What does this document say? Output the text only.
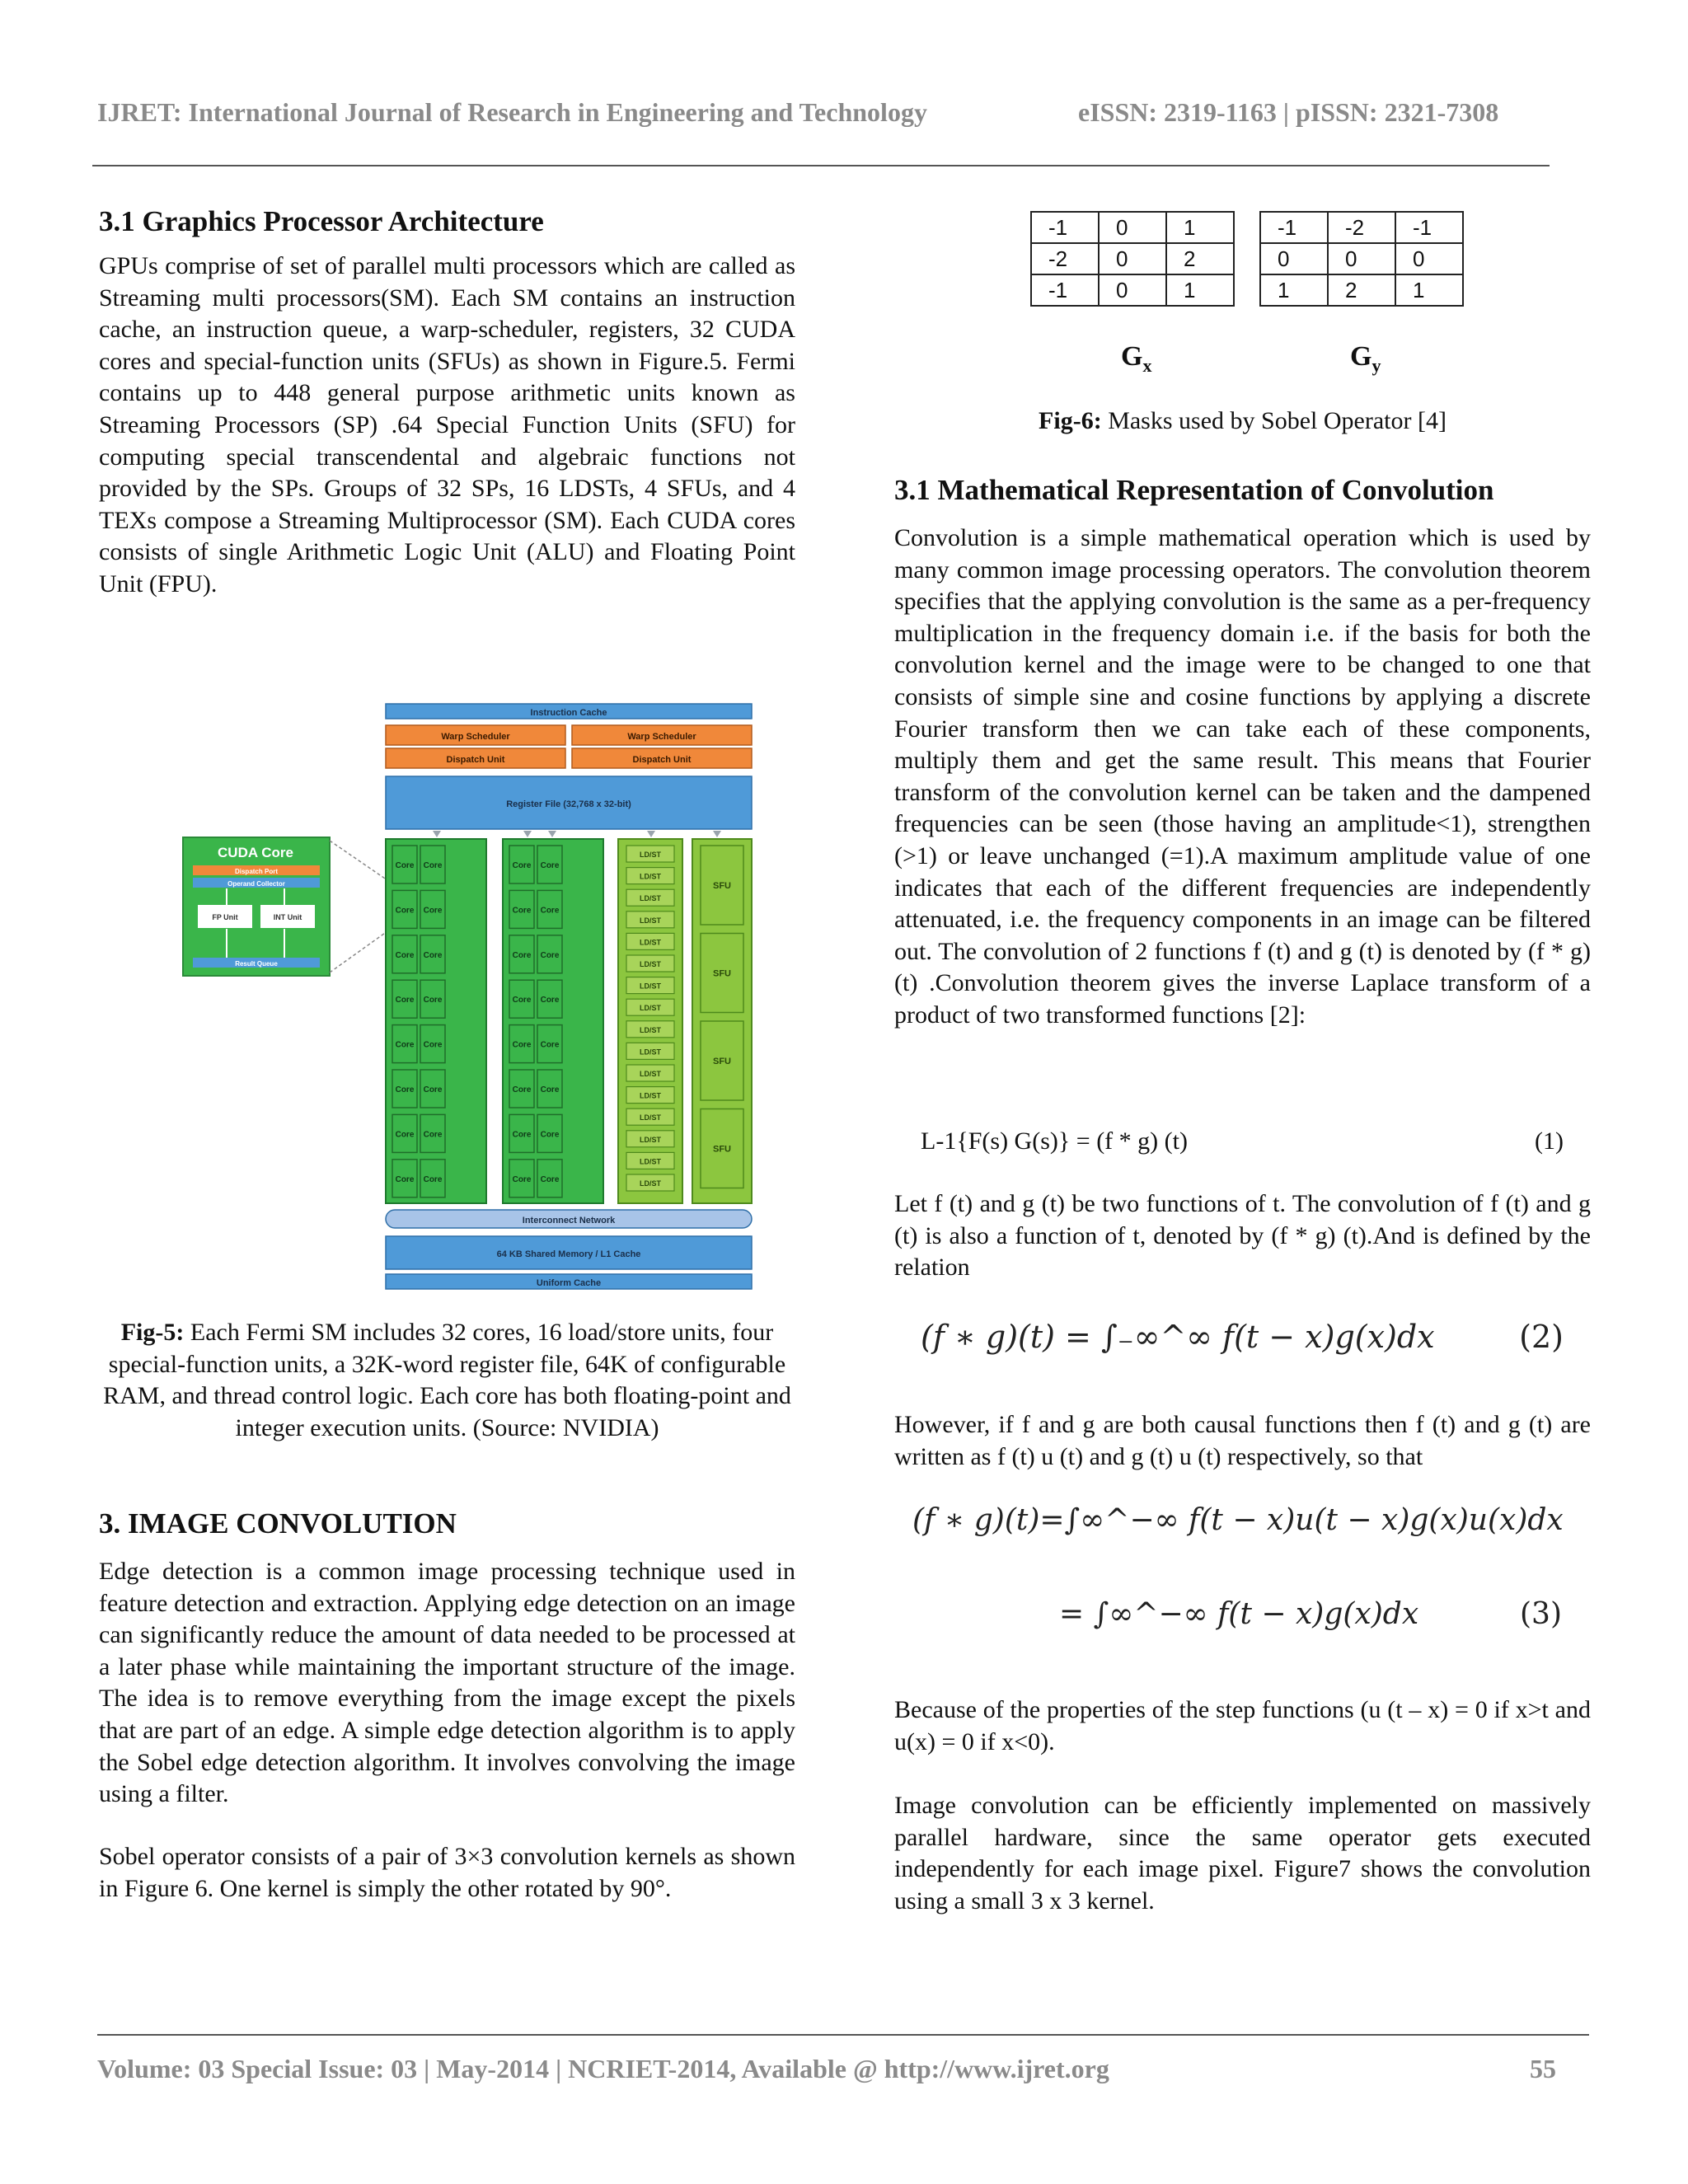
IJRET: International Journal of Research in Engineering and Technology	eISSN: 2319-1163 | pISSN: 2321-7308
3.1 Graphics Processor Architecture

GPUs comprise of set of parallel multi processors which are called as Streaming multi processors(SM). Each SM contains an instruction cache, an instruction queue, a warp-scheduler, registers, 32 CUDA cores and special-function units (SFUs) as shown in Figure.5. Fermi contains up to 448 general purpose arithmetic units known as Streaming Processors (SP) .64 Special Function Units (SFU) for computing special transcendental and algebraic functions not provided by the SPs. Groups of 32 SPs, 16 LDSTs, 4 SFUs, and 4 TEXs compose a Streaming Multiprocessor (SM). Each CUDA cores consists of single Arithmetic Logic Unit (ALU) and Floating Point Unit (FPU).

CUDA Core
Dispatch Port
Operand Collector
FP Unit	INT Unit
Result Queue
Instruction Cache
Warp Scheduler	Warp Scheduler
Dispatch Unit	Dispatch Unit
Register File (32,768 x 32-bit)
Core Core	Core Core
Core Core	Core Core
Core Core	Core Core
Core Core	Core Core
Core Core	Core Core
Core Core	Core Core
Core Core	Core Core
Core Core	Core Core
LD/ST
LD/ST
LD/ST
LD/ST
LD/ST
LD/ST
LD/ST
LD/ST
LD/ST
LD/ST
LD/ST
LD/ST
LD/ST
LD/ST
LD/ST
LD/ST
SFU
SFU
SFU
SFU
Interconnect Network
64 KB Shared Memory / L1 Cache
Uniform Cache
Fig-5: Each Fermi SM includes 32 cores, 16 load/store units, four special-function units, a 32K-word register file, 64K of configurable RAM, and thread control logic. Each core has both floating-point and integer execution units. (Source: NVIDIA)
3. IMAGE CONVOLUTION

Edge detection is a common image processing technique used in feature detection and extraction. Applying edge detection on an image can significantly reduce the amount of data needed to be processed at a later phase while maintaining the important structure of the image. The idea is to remove everything from the image except the pixels that are part of an edge. A simple edge detection algorithm is to apply the Sobel edge detection algorithm. It involves convolving the image using a filter.

Sobel operator consists of a pair of 3×3 convolution kernels as shown in Figure 6. One kernel is simply the other rotated by 90°.

-1	0	1
-2	0	2
-1	0	1
-1	-2	-1
0	0	0
1	2	1
$G_x$	$G_y$
Fig-6: Masks used by Sobel Operator [4]
3.1 Mathematical Representation of Convolution

Convolution is a simple mathematical operation which is used by many common image processing operators. The convolution theorem specifies that the applying convolution is the same as a per-frequency multiplication in the frequency domain i.e. if the basis for both the convolution kernel and the image were to be changed to one that consists of simple sine and cosine functions by applying a discrete Fourier transform then we can take each of these components, multiply them and get the same result. This means that Fourier transform of the convolution kernel can be taken and the dampened frequencies can be seen (those having an amplitude<1), strengthen (>1) or leave unchanged (=1).A maximum amplitude value of one indicates that each of the different frequencies are independently attenuated, i.e. the frequency components in an image can be filtered out. The convolution of 2 functions f (t) and g (t) is denoted by (f * g) (t) .Convolution theorem gives the inverse Laplace transform of a product of two transformed functions [2]:

L-1{F(s) G(s)} = (f * g) (t)	(1)

Let f (t) and g (t) be two functions of t. The convolution of f (t) and g (t) is also a function of t, denoted by (f * g) (t).And is defined by the relation

(f ∗ g)(t) = ∫₋∞^∞ f(t − x)g(x)dx	(2)

However, if f and g are both causal functions then f (t) and g (t) are written as f (t) u (t) and g (t) u (t) respectively, so that

(f ∗ g)(t)=∫∞^−∞ f(t − x)u(t − x)g(x)u(x)dx
= ∫∞^−∞ f(t − x)g(x)dx	(3)

Because of the properties of the step functions (u (t – x) = 0 if x>t and u(x) = 0 if x<0).

Image convolution can be efficiently implemented on massively parallel hardware, since the same operator gets executed independently for each image pixel. Figure7 shows the convolution using a small 3 x 3 kernel.

Volume: 03 Special Issue: 03 | May-2014 | NCRIET-2014, Available @ http://www.ijret.org	55
